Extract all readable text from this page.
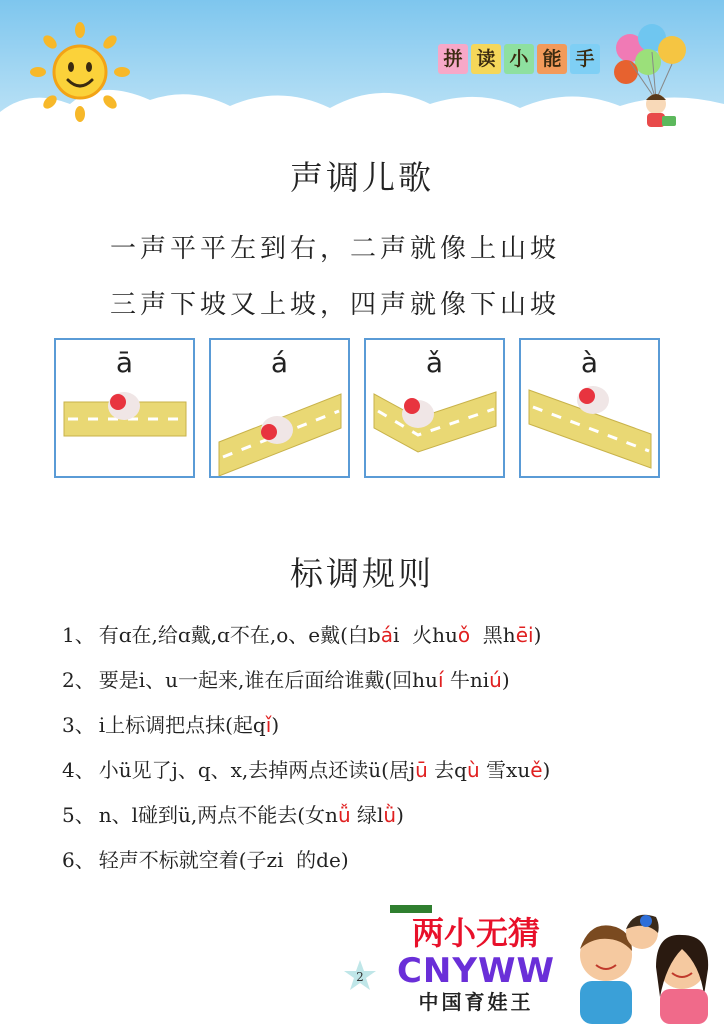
拼 读 小 能 手
声调儿歌
一声平平左到右，二声就像上山坡
三声下坡又上坡，四声就像下山坡
ā	á	ǎ	à
标调规则
1、 有ɑ在,给ɑ戴,ɑ不在,o、e戴(白bái  火huǒ  黑hēi)
2、 要是i、u一起来,谁在后面给谁戴(回huí 牛niú)
3、 i上标调把点抹(起qǐ)
4、 小ü见了j、q、x,去掉两点还读ü(居jū 去qù 雪xuě)
5、 n、l碰到ü,两点不能去(女nǚ 绿lǜ)
6、 轻声不标就空着(子zi  的de)
2
两小无猜
CNYWW
中国育娃王
